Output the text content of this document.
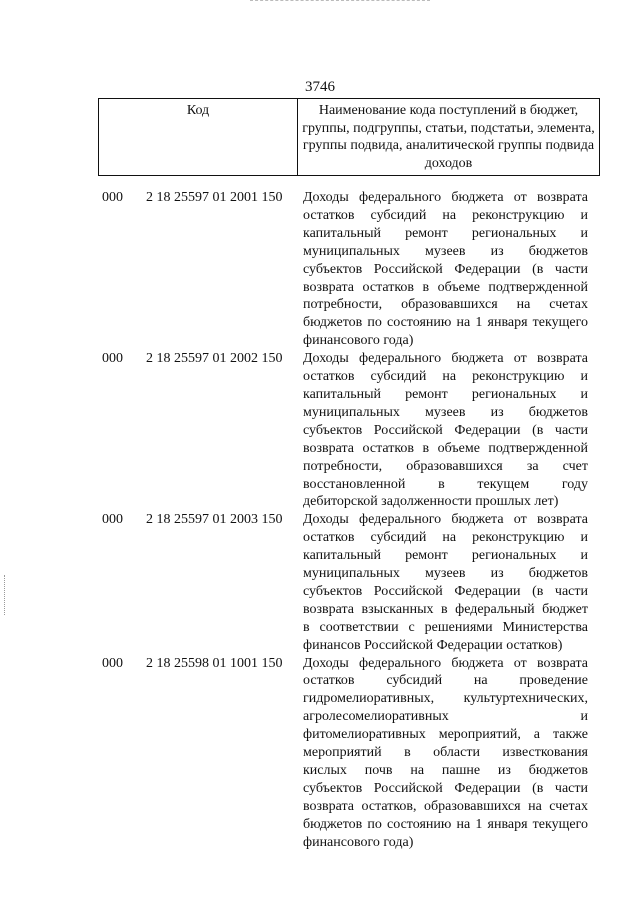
3746
Код	Наименование кода поступлений в бюджет, группы, подгруппы, статьи, подстатьи, элемента, группы подвида, аналитической группы подвида доходов
000 2 18 25597 01 2001 150 Доходы федерального бюджета от возврата
остатков субсидий на реконструкцию и
капитальный ремонт региональных и
муниципальных музеев из бюджетов
субъектов Российской Федерации (в части
возврата остатков в объеме подтвержденной
потребности, образовавшихся на счетах
бюджетов по состоянию на 1 января текущего
финансового года)
000 2 18 25597 01 2002 150 Доходы федерального бюджета от возврата
остатков субсидий на реконструкцию и
капитальный ремонт региональных и
муниципальных музеев из бюджетов
субъектов Российской Федерации (в части
возврата остатков в объеме подтвержденной
потребности, образовавшихся за счет
восстановленной в текущем году
дебиторской задолженности прошлых лет)
000 2 18 25597 01 2003 150 Доходы федерального бюджета от возврата
остатков субсидий на реконструкцию и
капитальный ремонт региональных и
муниципальных музеев из бюджетов
субъектов Российской Федерации (в части
возврата взысканных в федеральный бюджет
в соответствии с решениями Министерства
финансов Российской Федерации остатков)
000 2 18 25598 01 1001 150 Доходы федерального бюджета от возврата
остатков субсидий на проведение
гидромелиоративных, культуртехнических,
агролесомелиоративных и
фитомелиоративных мероприятий, а также
мероприятий в области известкования
кислых почв на пашне из бюджетов
субъектов Российской Федерации (в части
возврата остатков, образовавшихся на счетах
бюджетов по состоянию на 1 января текущего
финансового года)
